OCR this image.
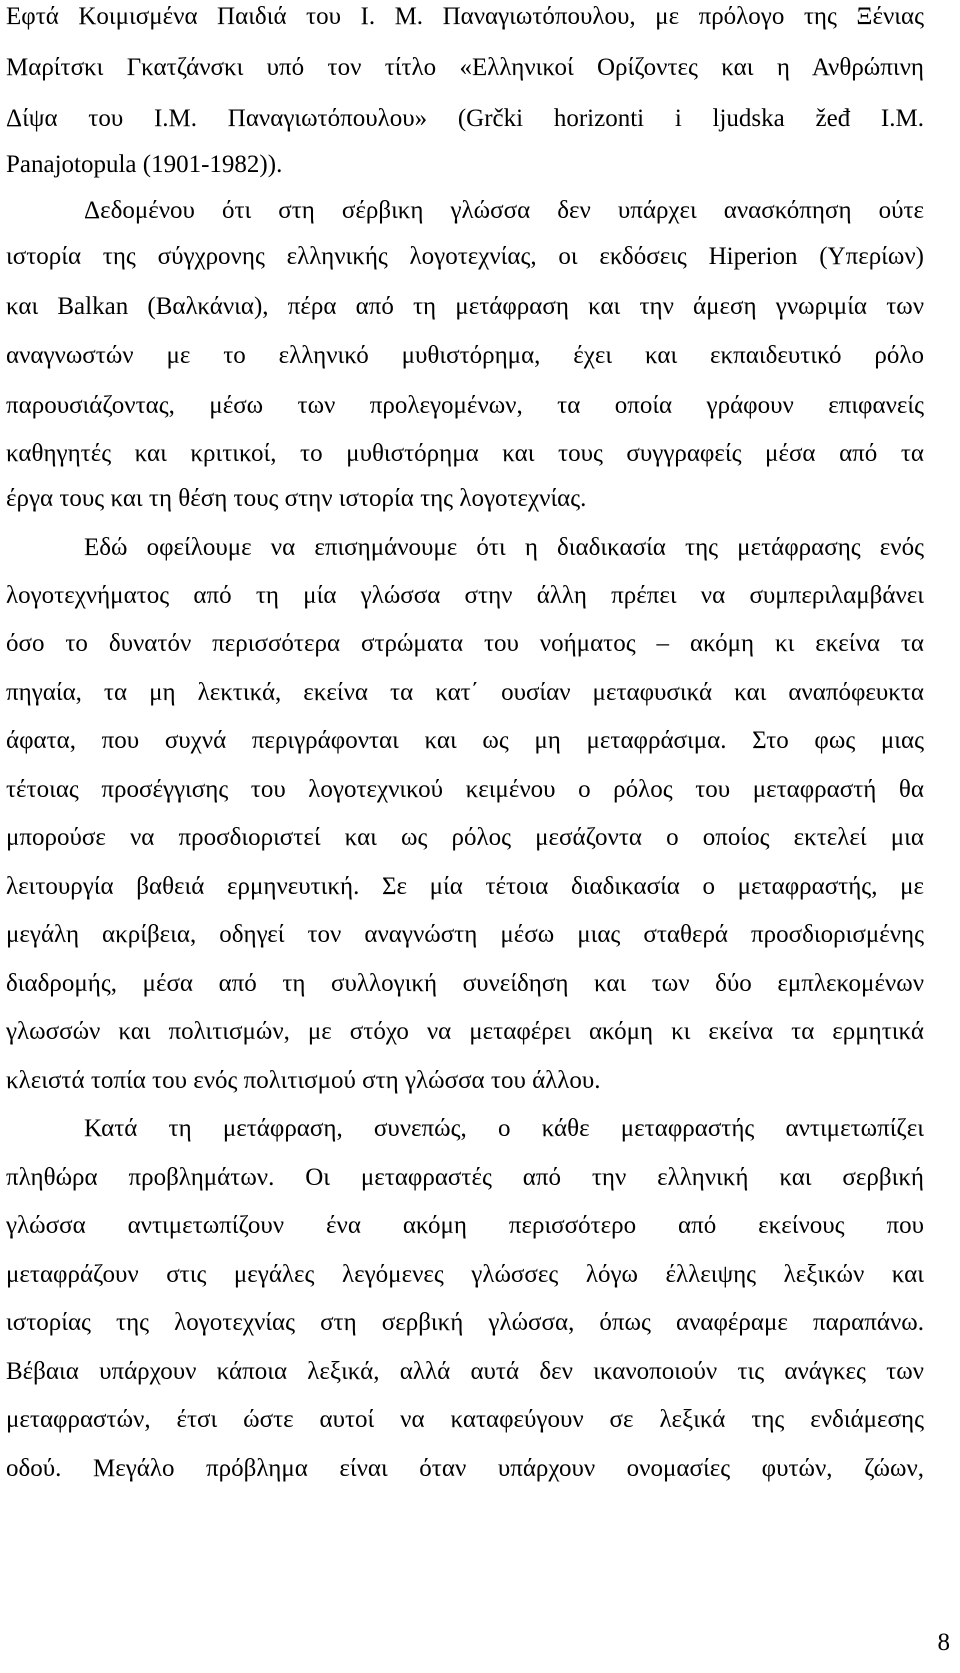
Εφτά Κοιμισμένα Παιδιά του Ι. Μ. Παναγιωτόπουλου, με πρόλογο της Ξένιας
Μαρίτσκι Γκατζάνσκι υπό τον τίτλο «Ελληνικοί Ορίζοντες και η Ανθρώπινη
Δίψα του Ι.Μ. Παναγιωτόπουλου» (Grčki horizonti i ljudska žeđ I.M.
Panajotopula (1901-1982)).
Δεδομένου ότι στη σέρβικη γλώσσα δεν υπάρχει ανασκόπηση ούτε
ιστορία της σύγχρονης ελληνικής λογοτεχνίας, οι εκδόσεις Hiperion (Υπερίων)
και Balkan (Βαλκάνια), πέρα από τη μετάφραση και την άμεση γνωριμία των
αναγνωστών με το ελληνικό μυθιστόρημα, έχει και εκπαιδευτικό ρόλο
παρουσιάζοντας, μέσω των προλεγομένων, τα οποία γράφουν επιφανείς
καθηγητές και κριτικοί, το μυθιστόρημα και τους συγγραφείς μέσα από τα
έργα τους και τη θέση τους στην ιστορία της λογοτεχνίας.
Εδώ οφείλουμε να επισημάνουμε ότι η διαδικασία της μετάφρασης ενός
λογοτεχνήματος από τη μία γλώσσα στην άλλη πρέπει να συμπεριλαμβάνει
όσο το δυνατόν περισσότερα στρώματα του νοήματος – ακόμη κι εκείνα τα
πηγαία, τα μη λεκτικά, εκείνα τα κατ΄ ουσίαν μεταφυσικά και αναπόφευκτα
άφατα, που συχνά περιγράφονται και ως μη μεταφράσιμα. Στο φως μιας
τέτοιας προσέγγισης του λογοτεχνικού κειμένου ο ρόλος του μεταφραστή θα
μπορούσε να προσδιοριστεί και ως ρόλος μεσάζοντα ο οποίος εκτελεί μια
λειτουργία βαθειά ερμηνευτική. Σε μία τέτοια διαδικασία ο μεταφραστής, με
μεγάλη ακρίβεια, οδηγεί τον αναγνώστη μέσω μιας σταθερά προσδιορισμένης
διαδρομής, μέσα από τη συλλογική συνείδηση και των δύο εμπλεκομένων
γλωσσών και πολιτισμών, με στόχο να μεταφέρει ακόμη κι εκείνα τα ερμητικά
κλειστά τοπία του ενός πολιτισμού στη γλώσσα του άλλου.
Κατά τη μετάφραση, συνεπώς, ο κάθε μεταφραστής αντιμετωπίζει
πληθώρα προβλημάτων. Οι μεταφραστές από την ελληνική και σερβική
γλώσσα αντιμετωπίζουν ένα ακόμη περισσότερο από εκείνους που
μεταφράζουν στις μεγάλες λεγόμενες γλώσσες λόγω έλλειψης λεξικών και
ιστορίας της λογοτεχνίας στη σερβική γλώσσα, όπως αναφέραμε παραπάνω.
Βέβαια υπάρχουν κάποια λεξικά, αλλά αυτά δεν ικανοποιούν τις ανάγκες των
μεταφραστών, έτσι ώστε αυτοί να καταφεύγουν σε λεξικά της ενδιάμεσης
οδού. Μεγάλο πρόβλημα είναι όταν υπάρχουν ονομασίες φυτών, ζώων,
8
